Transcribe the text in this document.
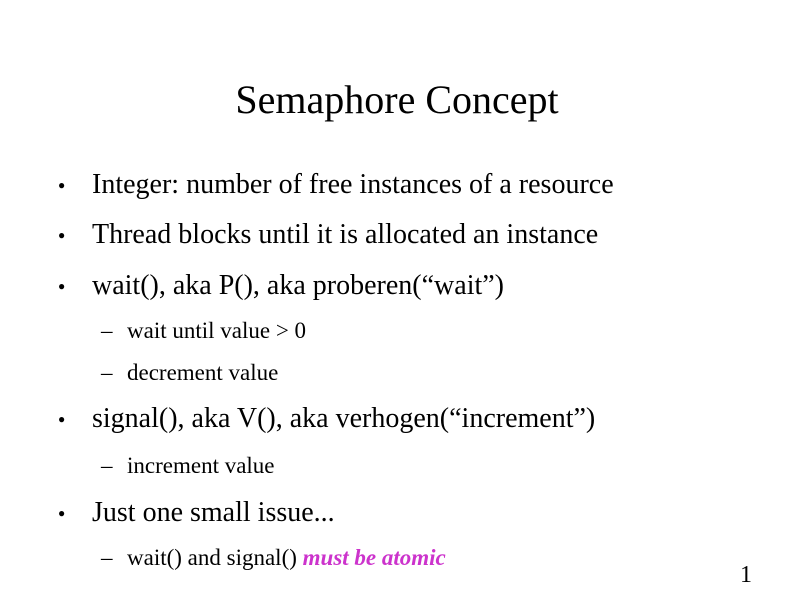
Semaphore Concept
● Integer: number of free instances of a resource
● Thread blocks until it is allocated an instance
● wait(), aka P(), aka proberen(“wait”)
– wait until value > 0
– decrement value
● signal(), aka V(), aka verhogen(“increment”)
– increment value
● Just one small issue...
– wait() and signal() must be atomic
1
